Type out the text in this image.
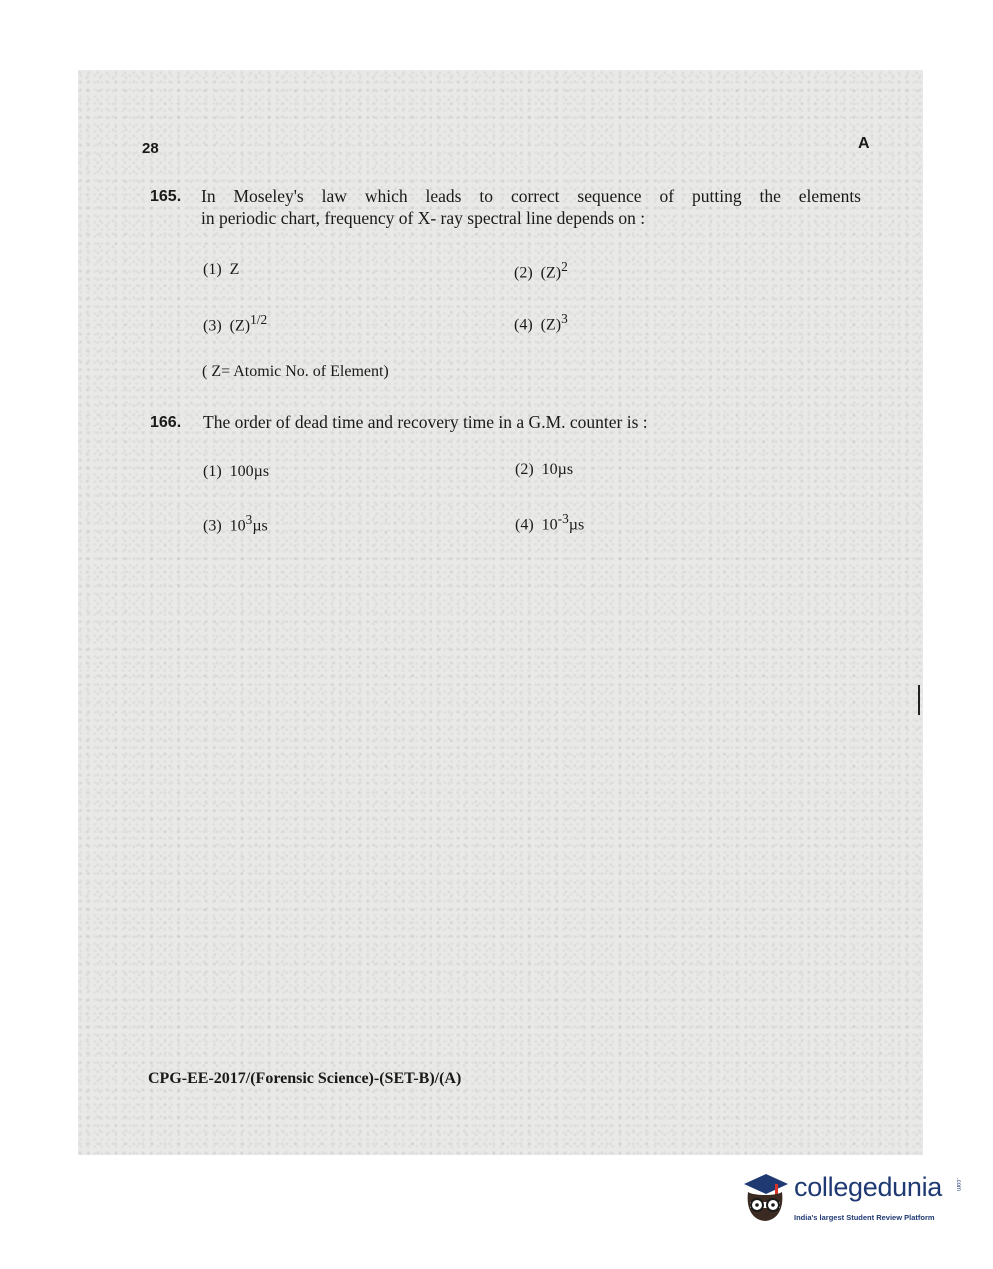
28	A
165. In Moseley's law which leads to correct sequence of putting the elements
in periodic chart, frequency of X- ray spectral line depends on :
(1) Z	(2) $(Z)^2$
(3) $(Z)^{1/2}$	(4) $(Z)^3$
( Z= Atomic No. of Element)
166. The order of dead time and recovery time in a G.M. counter is :
(1) 100µs	(2) 10µs
(3) $10^3\mu s$	(4) $10^{-3}\mu s$
CPG-EE-2017/(Forensic Science)-(SET-B)/(A)
collegedunia .com
India's largest Student Review Platform
